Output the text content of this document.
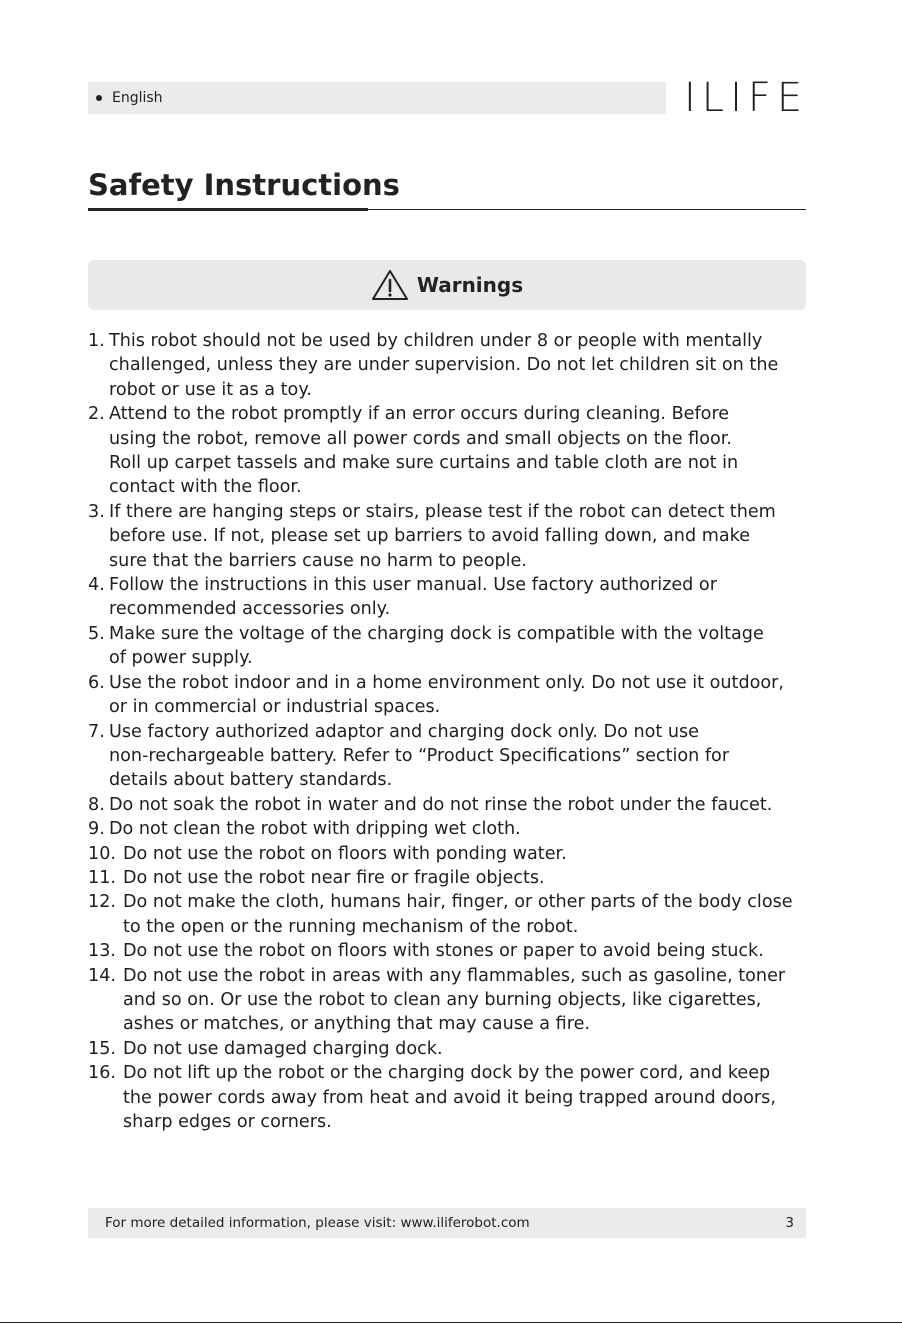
English	ILIFE
Safety Instructions
Warnings
1. This robot should not be used by children under 8 or people with mentally
challenged, unless they are under supervision. Do not let children sit on the
robot or use it as a toy.
2. Attend to the robot promptly if an error occurs during cleaning. Before
using the robot, remove all power cords and small objects on the floor.
Roll up carpet tassels and make sure curtains and table cloth are not in
contact with the floor.
3. If there are hanging steps or stairs, please test if the robot can detect them
before use. If not, please set up barriers to avoid falling down, and make
sure that the barriers cause no harm to people.
4. Follow the instructions in this user manual. Use factory authorized or
recommended accessories only.
5. Make sure the voltage of the charging dock is compatible with the voltage
of power supply.
6. Use the robot indoor and in a home environment only. Do not use it outdoor,
or in commercial or industrial spaces.
7. Use factory authorized adaptor and charging dock only. Do not use
non-rechargeable battery. Refer to “Product Specifications” section for
details about battery standards.
8. Do not soak the robot in water and do not rinse the robot under the faucet.
9. Do not clean the robot with dripping wet cloth.
10. Do not use the robot on floors with ponding water.
11. Do not use the robot near fire or fragile objects.
12. Do not make the cloth, humans hair, finger, or other parts of the body close
to the open or the running mechanism of the robot.
13. Do not use the robot on floors with stones or paper to avoid being stuck.
14. Do not use the robot in areas with any flammables, such as gasoline, toner
and so on. Or use the robot to clean any burning objects, like cigarettes,
ashes or matches, or anything that may cause a fire.
15. Do not use damaged charging dock.
16. Do not lift up the robot or the charging dock by the power cord, and keep
the power cords away from heat and avoid it being trapped around doors,
sharp edges or corners.
For more detailed information, please visit: www.iliferobot.com	3
